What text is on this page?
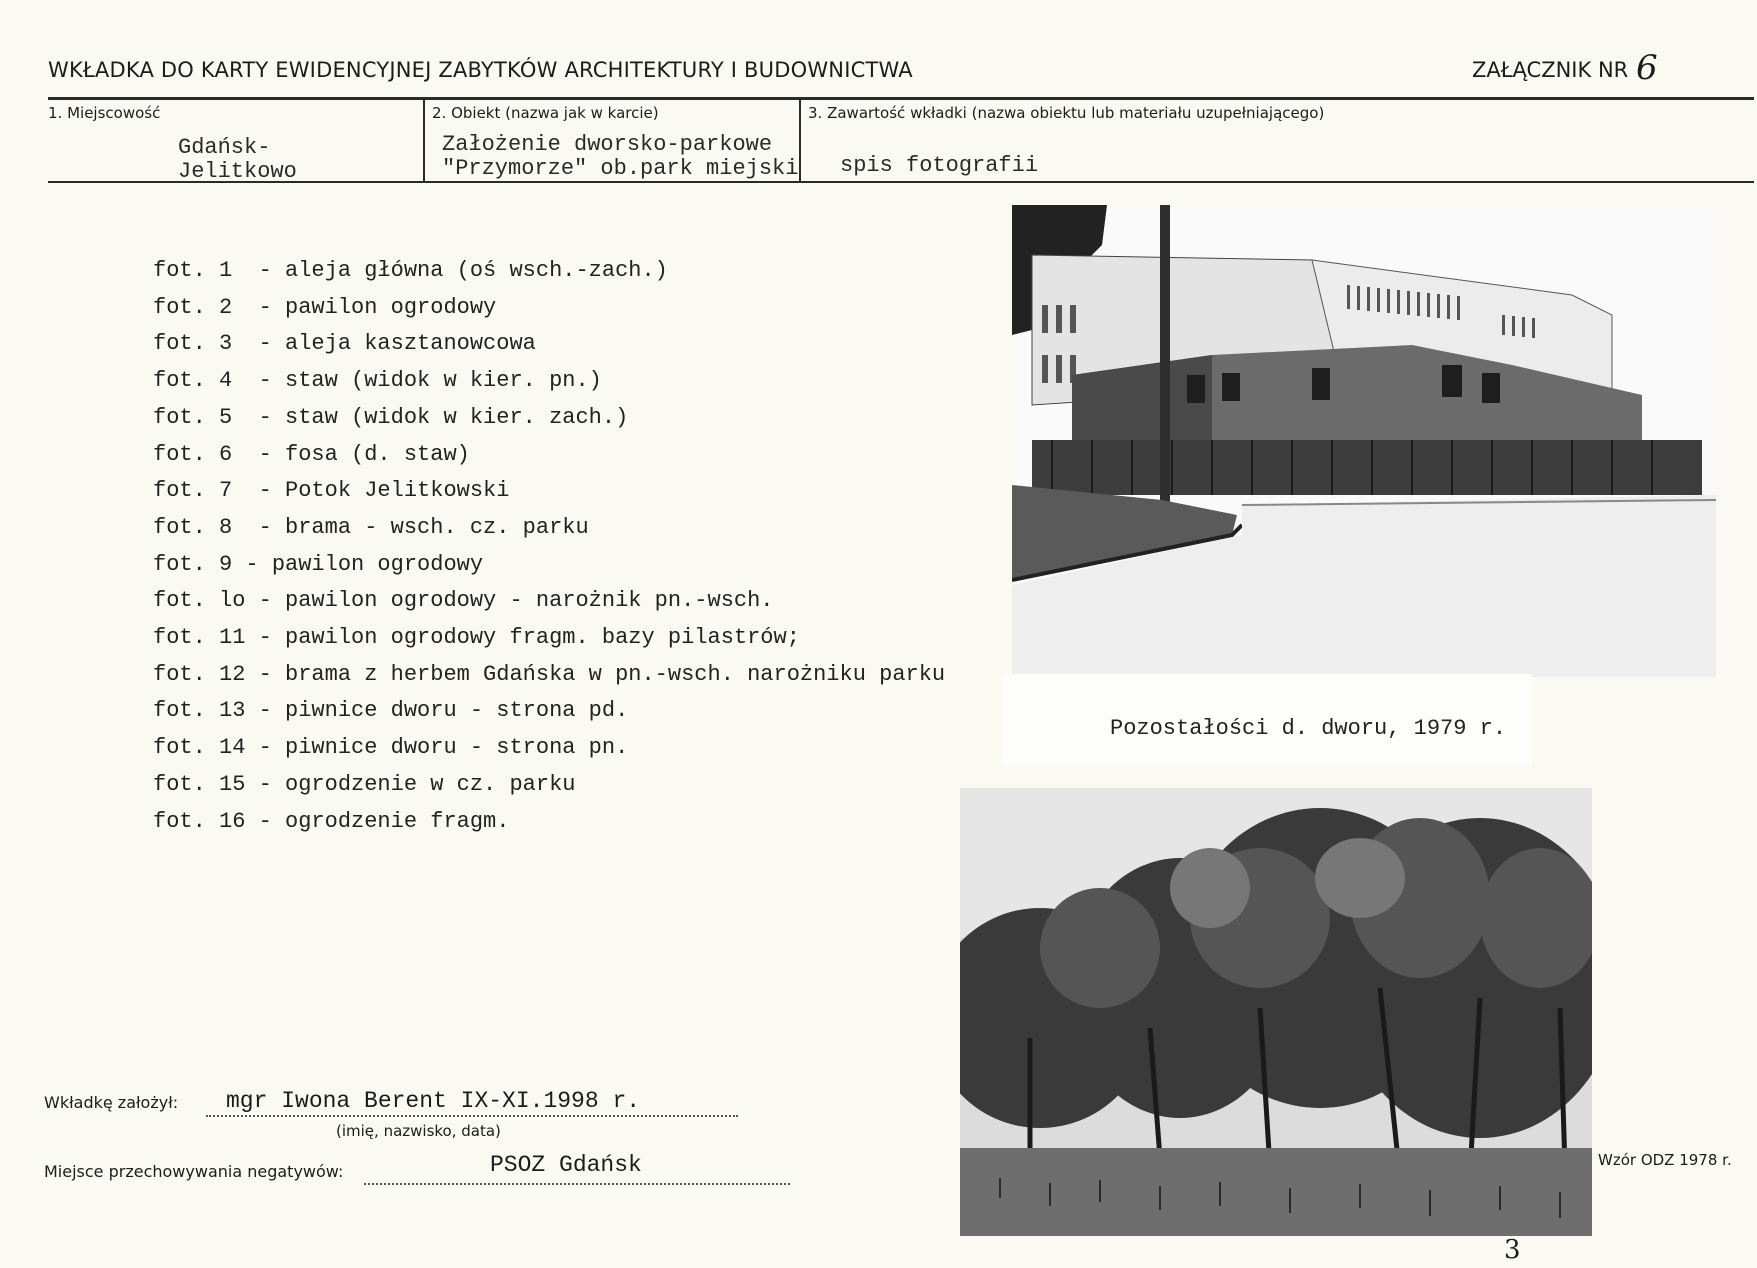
WKŁADKA DO KARTY EWIDENCYJNEJ ZABYTKÓW ARCHITEKTURY I BUDOWNICTWA	ZAŁĄCZNIK NR 6
1. Miejscowość
Gdańsk-
Jelitkowo
2. Obiekt (nazwa jak w karcie)
Założenie dworsko-parkowe
"Przymorze" ob.park miejski
3. Zawartość wkładki (nazwa obiektu lub materiału uzupełniającego)
spis fotografii
fot. 1  - aleja główna (oś wsch.-zach.)
fot. 2  - pawilon ogrodowy
fot. 3  - aleja kasztanowcowa
fot. 4  - staw (widok w kier. pn.)
fot. 5  - staw (widok w kier. zach.)
fot. 6  - fosa (d. staw)
fot. 7  - Potok Jelitkowski
fot. 8  - brama - wsch. cz. parku
fot. 9 - pawilon ogrodowy
fot. lo - pawilon ogrodowy - narożnik pn.-wsch.
fot. 11 - pawilon ogrodowy fragm. bazy pilastrów;
fot. 12 - brama z herbem Gdańska w pn.-wsch. narożniku parku
fot. 13 - piwnice dworu - strona pd.
fot. 14 - piwnice dworu - strona pn.
fot. 15 - ogrodzenie w cz. parku
fot. 16 - ogrodzenie fragm.
Pozostałości d. dworu, 1979 r.
Wkładkę założył: mgr Iwona Berent IX-XI.1998 r.
(imię, nazwisko, data)
Miejsce przechowywania negatywów:	PSOZ Gdańsk	Wzór ODZ 1978 r.
3
